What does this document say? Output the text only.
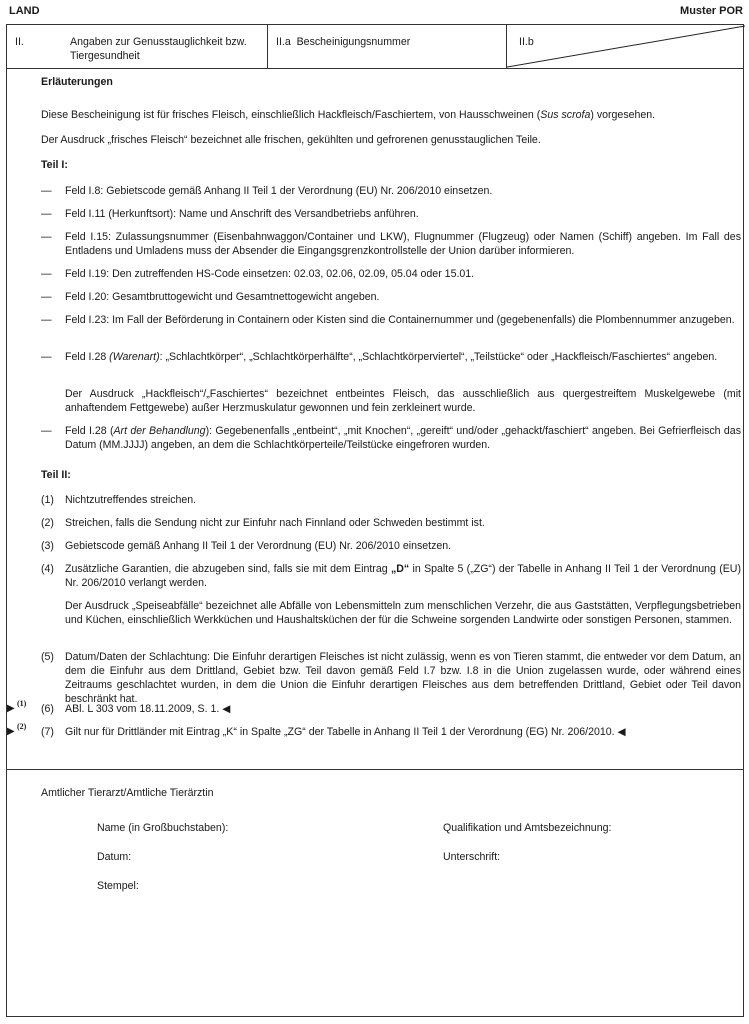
LAND	Muster POR
II.	Angaben zur Genusstauglichkeit bzw. Tiergesundheit
II.a  Bescheinigungsnummer	II.b
Erläuterungen
Diese Bescheinigung ist für frisches Fleisch, einschließlich Hackfleisch/Faschiertem, von Hausschweinen (Sus scrofa) vorgesehen.
Der Ausdruck „frisches Fleisch“ bezeichnet alle frischen, gekühlten und gefrorenen genusstauglichen Teile.
Teil I:
— Feld I.8: Gebietscode gemäß Anhang II Teil 1 der Verordnung (EU) Nr. 206/2010 einsetzen.
— Feld I.11 (Herkunftsort): Name und Anschrift des Versandbetriebs anführen.
— Feld I.15: Zulassungsnummer (Eisenbahnwaggon/Container und LKW), Flugnummer (Flugzeug) oder Namen (Schiff) angeben. Im Fall des Entladens und Umladens muss der Absender die Eingangsgrenzkontrollstelle der Union darüber informieren.
— Feld I.19: Den zutreffenden HS-Code einsetzen: 02.03, 02.06, 02.09, 05.04 oder 15.01.
— Feld I.20: Gesamtbruttogewicht und Gesamtnettogewicht angeben.
— Feld I.23: Im Fall der Beförderung in Containern oder Kisten sind die Containernummer und (gegebenenfalls) die Plombennummer anzugeben.
— Feld I.28 (Warenart): „Schlachtkörper“, „Schlachtkörperhälfte“, „Schlachtkörperviertel“, „Teilstücke“ oder „Hackfleisch/Faschiertes“ angeben.
Der Ausdruck „Hackfleisch“/„Faschiertes“ bezeichnet entbeintes Fleisch, das ausschließlich aus quergestreiftem Muskelgewebe (mit anhaftendem Fettgewebe) außer Herzmuskulatur gewonnen und fein zerkleinert wurde.
— Feld I.28 (Art der Behandlung): Gegebenenfalls „entbeint“, „mit Knochen“, „gereift“ und/oder „gehackt/faschiert“ angeben. Bei Gefrierfleisch das Datum (MM.JJJJ) angeben, an dem die Schlachtkörperteile/Teilstücke eingefroren wurden.
Teil II:
(1) Nichtzutreffendes streichen.
(2) Streichen, falls die Sendung nicht zur Einfuhr nach Finnland oder Schweden bestimmt ist.
(3) Gebietscode gemäß Anhang II Teil 1 der Verordnung (EU) Nr. 206/2010 einsetzen.
(4) Zusätzliche Garantien, die abzugeben sind, falls sie mit dem Eintrag „D“ in Spalte 5 („ZG“) der Tabelle in Anhang II Teil 1 der Verordnung (EU) Nr. 206/2010 verlangt werden.
Der Ausdruck „Speiseabfälle“ bezeichnet alle Abfälle von Lebensmitteln zum menschlichen Verzehr, die aus Gaststätten, Verpflegungsbetrieben und Küchen, einschließlich Werkküchen und Haushaltsküchen der für die Schweine sorgenden Landwirte oder sonstigen Personen, stammen.
(5) Datum/Daten der Schlachtung: Die Einfuhr derartigen Fleisches ist nicht zulässig, wenn es von Tieren stammt, die entweder vor dem Datum, an dem die Einfuhr aus dem Drittland, Gebiet bzw. Teil davon gemäß Feld I.7 bzw. I.8 in die Union zugelassen wurde, oder während eines Zeitraums geschlachtet wurden, in dem die Union die Einfuhr derartigen Fleisches aus dem betreffenden Drittland, Gebiet oder Teil davon beschränkt hat.
▶ (1) (6) ABl. L 303 vom 18.11.2009, S. 1. ◀
▶ (2) (7) Gilt nur für Drittländer mit Eintrag „K“ in Spalte „ZG“ der Tabelle in Anhang II Teil 1 der Verordnung (EG) Nr. 206/2010. ◀
Amtlicher Tierarzt/Amtliche Tierärztin
Name (in Großbuchstaben):	Qualifikation und Amtsbezeichnung:
Datum:	Unterschrift:
Stempel:
